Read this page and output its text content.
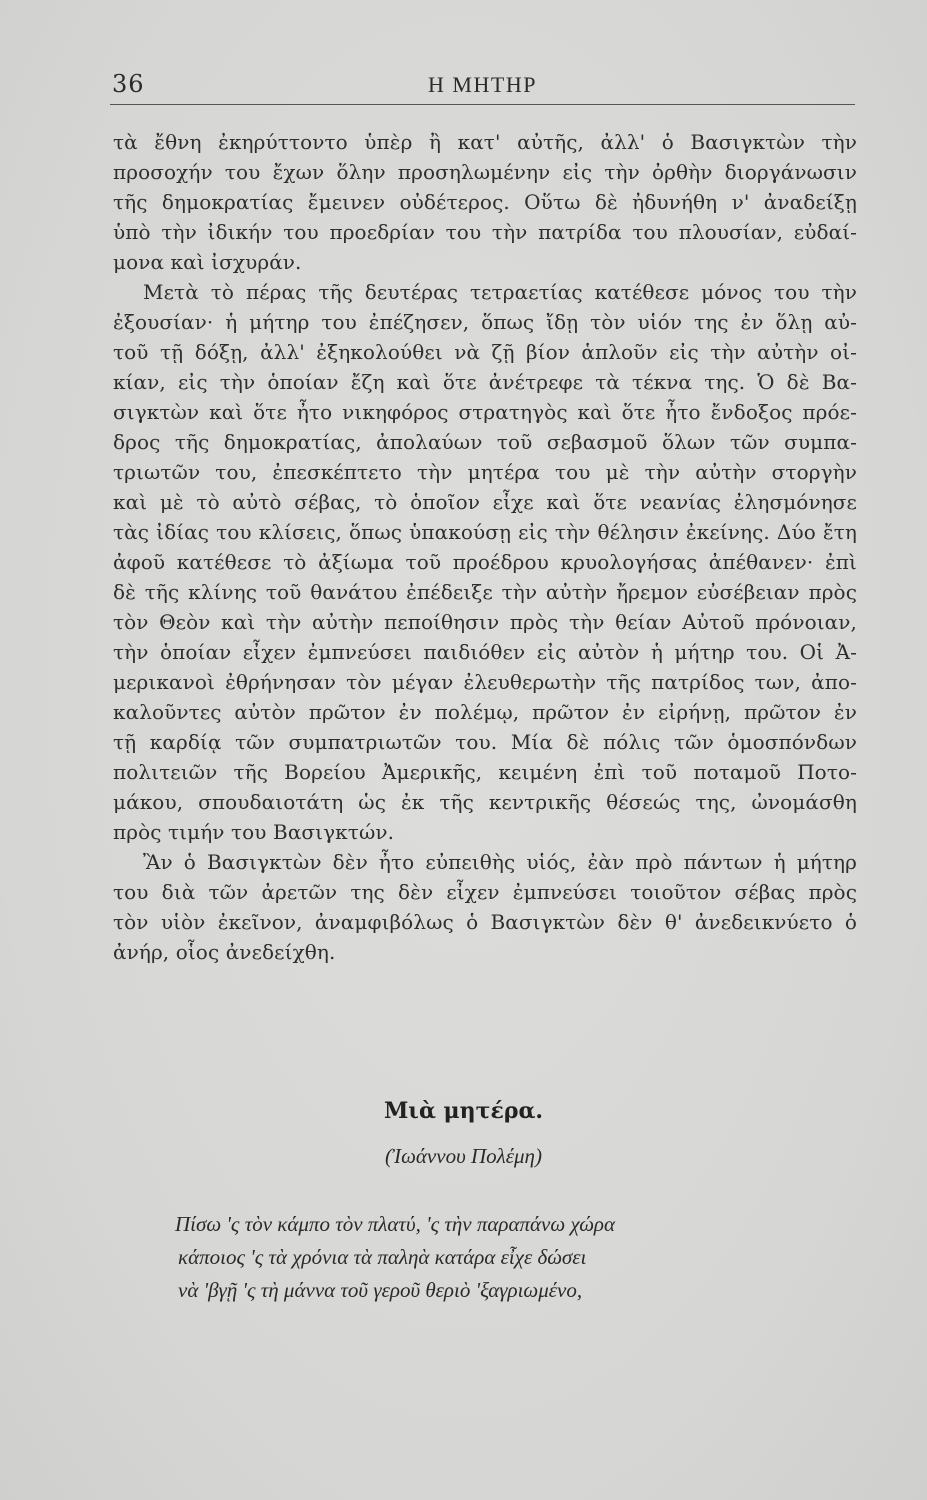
36	Η ΜΗΤΗΡ
τὰ ἔθνη ἐκηρύττοντο ὑπὲρ ἢ κατ' αὐτῆς, ἀλλ' ὁ Βασιγκτὼν τὴν
προσοχήν του ἔχων ὅλην προσηλωμένην εἰς τὴν ὀρθὴν διοργάνωσιν
τῆς δημοκρατίας ἔμεινεν οὐδέτερος. Οὕτω δὲ ἠδυνήθη ν' ἀναδείξῃ
ὑπὸ τὴν ἰδικήν του προεδρίαν του τὴν πατρίδα του πλουσίαν, εὐδαί-
μονα καὶ ἰσχυράν.
Μετὰ τὸ πέρας τῆς δευτέρας τετραετίας κατέθεσε μόνος του τὴν
ἐξουσίαν· ἡ μήτηρ του ἐπέζησεν, ὅπως ἴδῃ τὸν υἱόν της ἐν ὅλῃ αὐ-
τοῦ τῇ δόξῃ, ἀλλ' ἐξηκολούθει νὰ ζῇ βίον ἁπλοῦν εἰς τὴν αὐτὴν οἰ-
κίαν, εἰς τὴν ὁποίαν ἔζη καὶ ὅτε ἀνέτρεφε τὰ τέκνα της. Ὁ δὲ Βα-
σιγκτὼν καὶ ὅτε ἦτο νικηφόρος στρατηγὸς καὶ ὅτε ἦτο ἔνδοξος πρόε-
δρος τῆς δημοκρατίας, ἀπολαύων τοῦ σεβασμοῦ ὅλων τῶν συμπα-
τριωτῶν του, ἐπεσκέπτετο τὴν μητέρα του μὲ τὴν αὐτὴν στοργὴν
καὶ μὲ τὸ αὐτὸ σέβας, τὸ ὁποῖον εἶχε καὶ ὅτε νεανίας ἐλησμόνησε
τὰς ἰδίας του κλίσεις, ὅπως ὑπακούσῃ εἰς τὴν θέλησιν ἐκείνης. Δύο ἔτη
ἀφοῦ κατέθεσε τὸ ἀξίωμα τοῦ προέδρου κρυολογήσας ἀπέθανεν· ἐπὶ
δὲ τῆς κλίνης τοῦ θανάτου ἐπέδειξε τὴν αὐτὴν ἤρεμον εὐσέβειαν πρὸς
τὸν Θεὸν καὶ τὴν αὐτὴν πεποίθησιν πρὸς τὴν θείαν Αὐτοῦ πρόνοιαν,
τὴν ὁποίαν εἶχεν ἐμπνεύσει παιδιόθεν εἰς αὐτὸν ἡ μήτηρ του. Οἱ Ἀ-
μερικανοὶ ἐθρήνησαν τὸν μέγαν ἐλευθερωτὴν τῆς πατρίδος των, ἀπο-
καλοῦντες αὐτὸν πρῶτον ἐν πολέμῳ, πρῶτον ἐν εἰρήνῃ, πρῶτον ἐν
τῇ καρδίᾳ τῶν συμπατριωτῶν του. Μία δὲ πόλις τῶν ὁμοσπόνδων
πολιτειῶν τῆς Βορείου Ἀμερικῆς, κειμένη ἐπὶ τοῦ ποταμοῦ Ποτο-
μάκου, σπουδαιοτάτη ὡς ἐκ τῆς κεντρικῆς θέσεώς της, ὠνομάσθη
πρὸς τιμήν του Βασιγκτών.
Ἂν ὁ Βασιγκτὼν δὲν ἦτο εὐπειθὴς υἱός, ἐὰν πρὸ πάντων ἡ μήτηρ
του διὰ τῶν ἀρετῶν της δὲν εἶχεν ἐμπνεύσει τοιοῦτον σέβας πρὸς
τὸν υἱὸν ἐκεῖνον, ἀναμφιβόλως ὁ Βασιγκτὼν δὲν θ' ἀνεδεικνύετο ὁ
ἀνήρ, οἷος ἀνεδείχθη.
Μιὰ μητέρα.
(Ἰωάννου Πολέμη)
Πίσω 'ς τὸν κάμπο τὸν πλατύ, 'ς τὴν παραπάνω χώρα
κάποιος 'ς τὰ χρόνια τὰ παληὰ κατάρα εἶχε δώσει
νὰ 'βγῇ 'ς τὴ μάννα τοῦ γεροῦ θεριὸ 'ξαγριωμένο,
